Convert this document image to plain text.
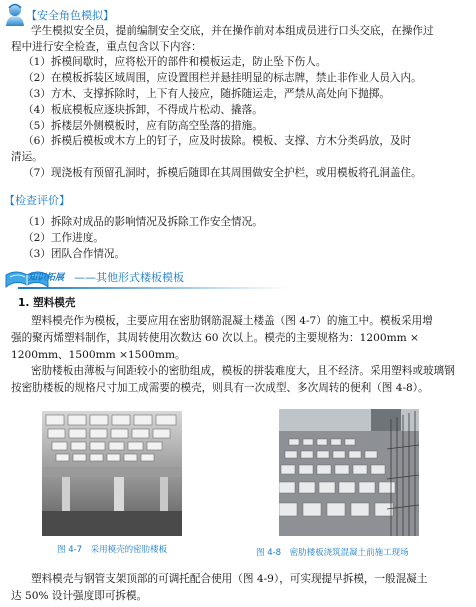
【安全角色模拟】
学生模拟安全员，提前编制安全交底，并在操作前对本组成员进行口头交底，在操作过
程中进行安全检查，重点包含以下内容：
（1）拆模间歇时，应将松开的部件和模板运走，防止坠下伤人。
（2）在模板拆装区域周围，应设置围栏并悬挂明显的标志牌，禁止非作业人员入内。
（3）方木、支撑拆除时，上下有人接应，随拆随运走，严禁从高处向下抛掷。
（4）板底模板应逐块拆卸，不得成片松动、撬落。
（5）拆楼层外侧模板时，应有防高空坠落的措施。
（6）拆模后模板或木方上的钉子，应及时拔除。模板、支撑、方木分类码放，及时
清运。
（7）现浇板有预留孔洞时，拆模后随即在其周围做安全护栏，或用模板将孔洞盖住。
【检查评价】
（1）拆除对成品的影响情况及拆除工作安全情况。
（2）工作进度。
（3）团队合作情况。
知识拓展 ——其他形式楼板模板
1. 塑料模壳
塑料模壳作为模板，主要应用在密肋钢筋混凝土楼盖（图 4-7）的施工中。模板采用增
强的聚丙烯塑料制作，其周转使用次数达 60 次以上。模壳的主要规格为：1200mm ×
1200mm、1500mm ×1500mm。
密肋楼板由薄板与间距较小的密肋组成，模板的拼装难度大，且不经济。采用塑料或玻璃钢
按密肋楼板的规格尺寸加工成需要的模壳，则具有一次成型、多次周转的便利（图 4-8）。
图 4-7　采用模壳的密肋楼板	图 4-8　密肋楼板浇筑混凝土前施工现场
塑料模壳与钢管支架顶部的可调托配合使用（图 4-9），可实现提早拆模，一般混凝土
达 50% 设计强度即可拆模。
